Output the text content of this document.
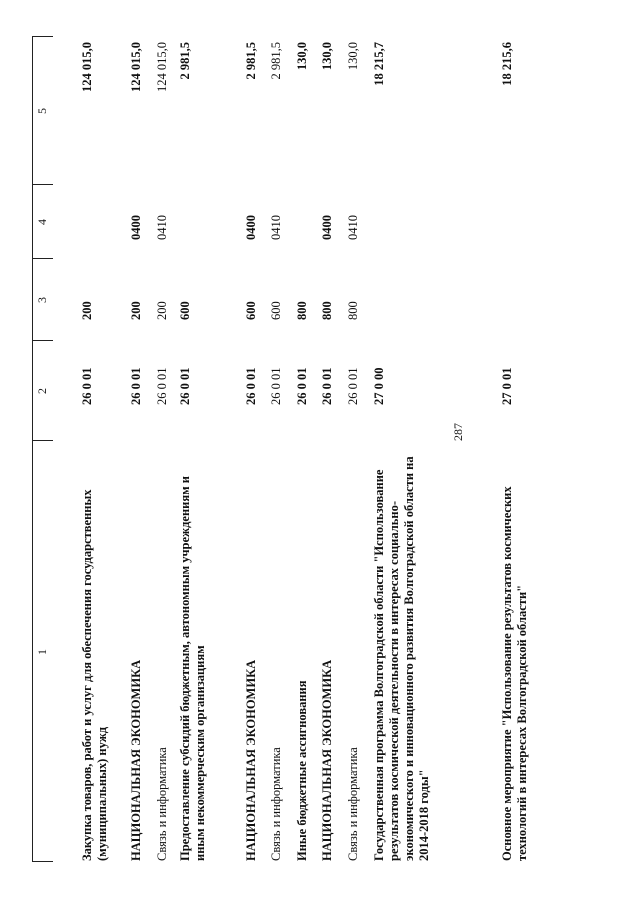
287
1
2
3
4
5
Закупка товаров, работ и услуг для обеспечения государственных (муниципальных) нужд
26 0 01
200
124 015,0
НАЦИОНАЛЬНАЯ ЭКОНОМИКА
26 0 01
200
0400
124 015,0
Связь и информатика
26 0 01
200
0410
124 015,0
Предоставление субсидий бюджетным, автономным учреждениям и иным некоммерческим организациям
26 0 01
600
2 981,5
НАЦИОНАЛЬНАЯ ЭКОНОМИКА
26 0 01
600
0400
2 981,5
Связь и информатика
26 0 01
600
0410
2 981,5
Иные бюджетные ассигнования
26 0 01
800
130,0
НАЦИОНАЛЬНАЯ ЭКОНОМИКА
26 0 01
800
0400
130,0
Связь и информатика
26 0 01
800
0410
130,0
Государственная программа Волгоградской области "Использование результатов космической деятельности в интересах социально-экономического и инновационного развития Волгоградской области на 2014-2018 годы"
27 0 00
18 215,7
Основное мероприятие "Использование результатов космических технологий в интересах Волгоградской области"
27 0 01
18 215,6
